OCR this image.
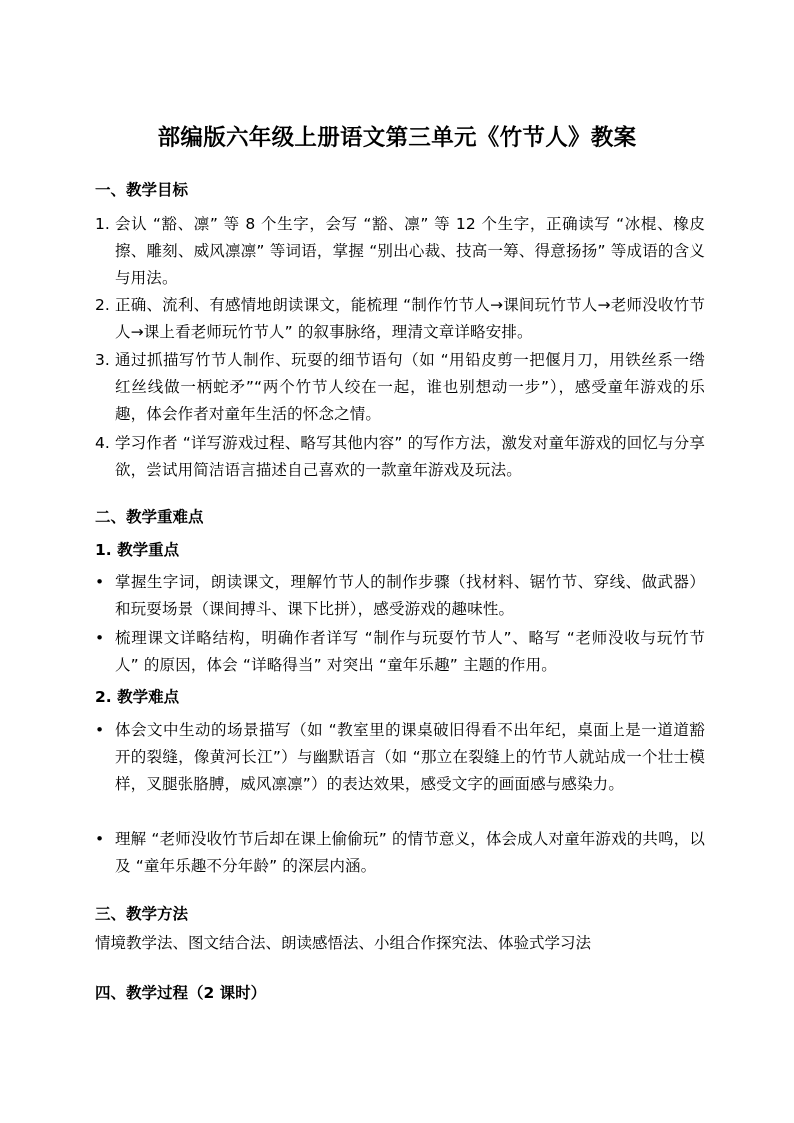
部编版六年级上册语文第三单元《竹节人》教案
一、教学目标
1. 会认 “豁、凛” 等 8 个生字，会写 “豁、凛” 等 12 个生字，正确读写 “冰棍、橡皮擦、雕刻、威风凛凛” 等词语，掌握 “别出心裁、技高一筹、得意扬扬” 等成语的含义与用法。
2. 正确、流利、有感情地朗读课文，能梳理 “制作竹节人→课间玩竹节人→老师没收竹节人→课上看老师玩竹节人” 的叙事脉络，理清文章详略安排。
3. 通过抓描写竹节人制作、玩耍的细节语句（如 “用铅皮剪一把偃月刀，用铁丝系一绺红丝线做一柄蛇矛”“两个竹节人绞在一起，谁也别想动一步”），感受童年游戏的乐趣，体会作者对童年生活的怀念之情。
4. 学习作者 “详写游戏过程、略写其他内容” 的写作方法，激发对童年游戏的回忆与分享欲，尝试用简洁语言描述自己喜欢的一款童年游戏及玩法。
二、教学重难点
1. 教学重点
• 掌握生字词，朗读课文，理解竹节人的制作步骤（找材料、锯竹节、穿线、做武器）和玩耍场景（课间搏斗、课下比拼），感受游戏的趣味性。
• 梳理课文详略结构，明确作者详写 “制作与玩耍竹节人”、略写 “老师没收与玩竹节人” 的原因，体会 “详略得当” 对突出 “童年乐趣” 主题的作用。
2. 教学难点
• 体会文中生动的场景描写（如 “教室里的课桌破旧得看不出年纪，桌面上是一道道豁开的裂缝，像黄河长江”）与幽默语言（如 “那立在裂缝上的竹节人就站成一个壮士模样，叉腿张胳膊，威风凛凛”）的表达效果，感受文字的画面感与感染力。
• 理解 “老师没收竹节后却在课上偷偷玩” 的情节意义，体会成人对童年游戏的共鸣，以及 “童年乐趣不分年龄” 的深层内涵。
三、教学方法
情境教学法、图文结合法、朗读感悟法、小组合作探究法、体验式学习法
四、教学过程（2 课时）
